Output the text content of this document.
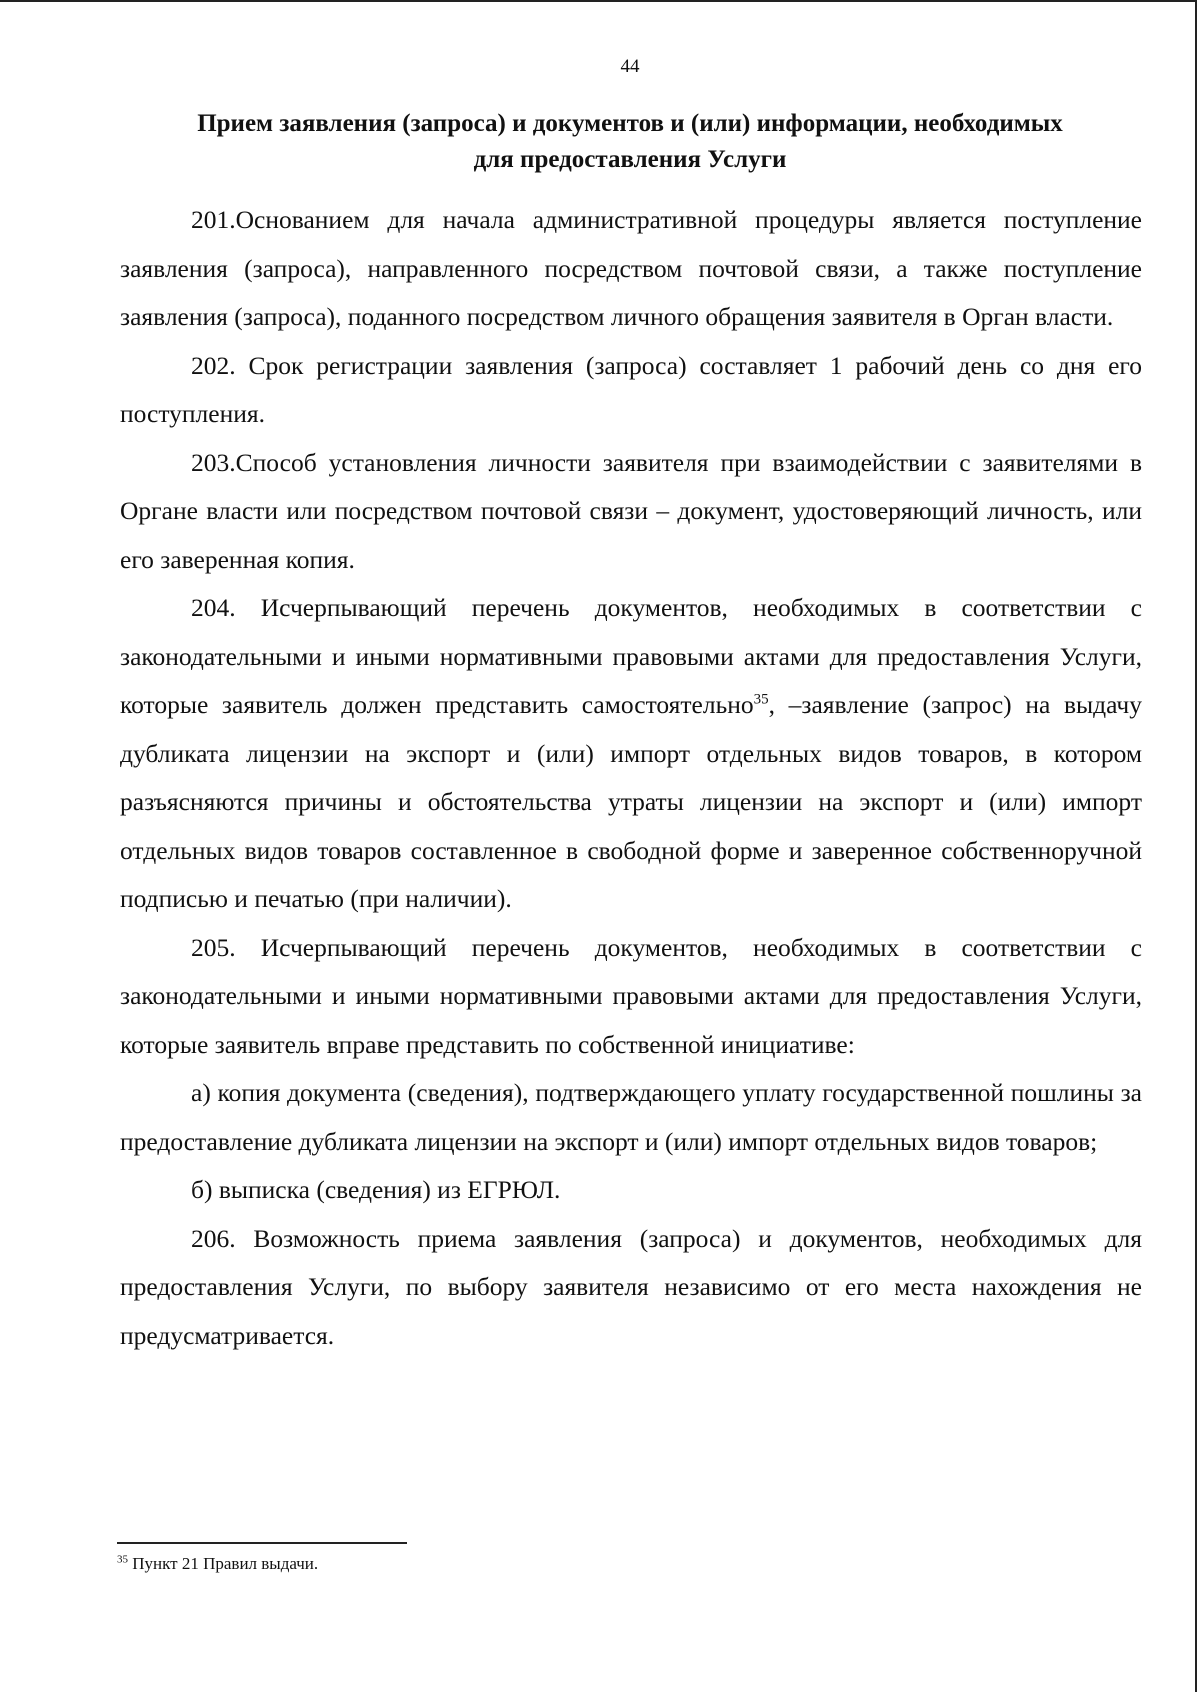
44
Прием заявления (запроса) и документов и (или) информации, необходимых
для предоставления Услуги

201.Основанием для начала административной процедуры является поступление заявления (запроса), направленного посредством почтовой связи, а также поступление заявления (запроса), поданного посредством личного обращения заявителя в Орган власти.

202. Срок регистрации заявления (запроса) составляет 1 рабочий день со дня его поступления.

203.Способ установления личности заявителя при взаимодействии с заявителями в Органе власти или посредством почтовой связи – документ, удостоверяющий личность, или его заверенная копия.

204. Исчерпывающий перечень документов, необходимых в соответствии с законодательными и иными нормативными правовыми актами для предоставления Услуги, которые заявитель должен представить самостоятельно$^{35}$, –заявление (запрос) на выдачу дубликата лицензии на экспорт и (или) импорт отдельных видов товаров, в котором разъясняются причины и обстоятельства утраты лицензии на экспорт и (или) импорт отдельных видов товаров составленное в свободной форме и заверенное собственноручной подписью и печатью (при наличии).

205. Исчерпывающий перечень документов, необходимых в соответствии с законодательными и иными нормативными правовыми актами для предоставления Услуги, которые заявитель вправе представить по собственной инициативе:

а) копия документа (сведения), подтверждающего уплату государственной пошлины за предоставление дубликата лицензии на экспорт и (или) импорт отдельных видов товаров;

б) выписка (сведения) из ЕГРЮЛ.

206. Возможность приема заявления (запроса) и документов, необходимых для предоставления Услуги, по выбору заявителя независимо от его места нахождения не предусматривается.

$^{35}$ Пункт 21 Правил выдачи.
